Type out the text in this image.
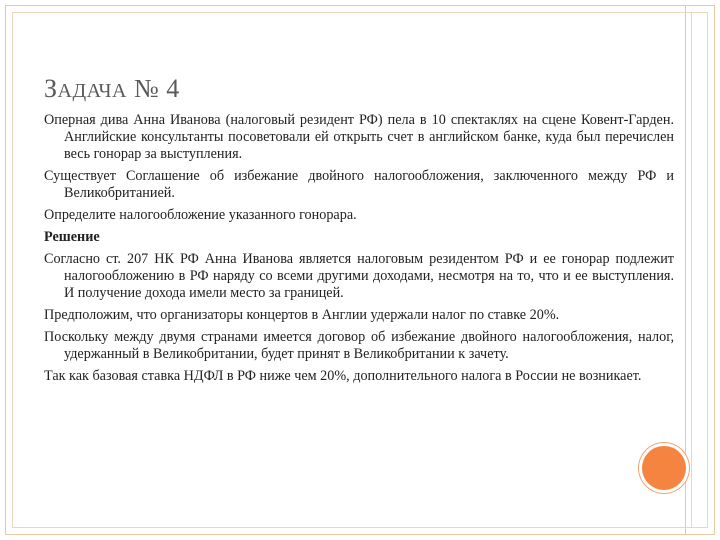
ЗАДАЧА № 4

Оперная дива Анна Иванова (налоговый резидент РФ) пела в 10 спектаклях на сцене Ковент-Гарден. Английские консультанты посоветовали ей открыть счет в английском банке, куда был перечислен весь гонорар за выступления.

Существует Соглашение об избежание двойного налогообложения, заключенного между РФ и Великобританией.

Определите налогообложение указанного гонорара.

Решение

Согласно ст. 207 НК РФ Анна Иванова является налоговым резидентом РФ и ее гонорар подлежит налогообложению в РФ наряду со всеми другими доходами, несмотря на то, что и ее выступления. И получение дохода имели место за границей.

Предположим, что организаторы концертов в Англии удержали налог по ставке 20%.

Поскольку между двумя странами имеется договор об избежание двойного налогообложения, налог, удержанный в Великобритании, будет принят в Великобритании к зачету.

Так как базовая ставка НДФЛ в РФ ниже чем 20%, дополнительного налога в России не возникает.
